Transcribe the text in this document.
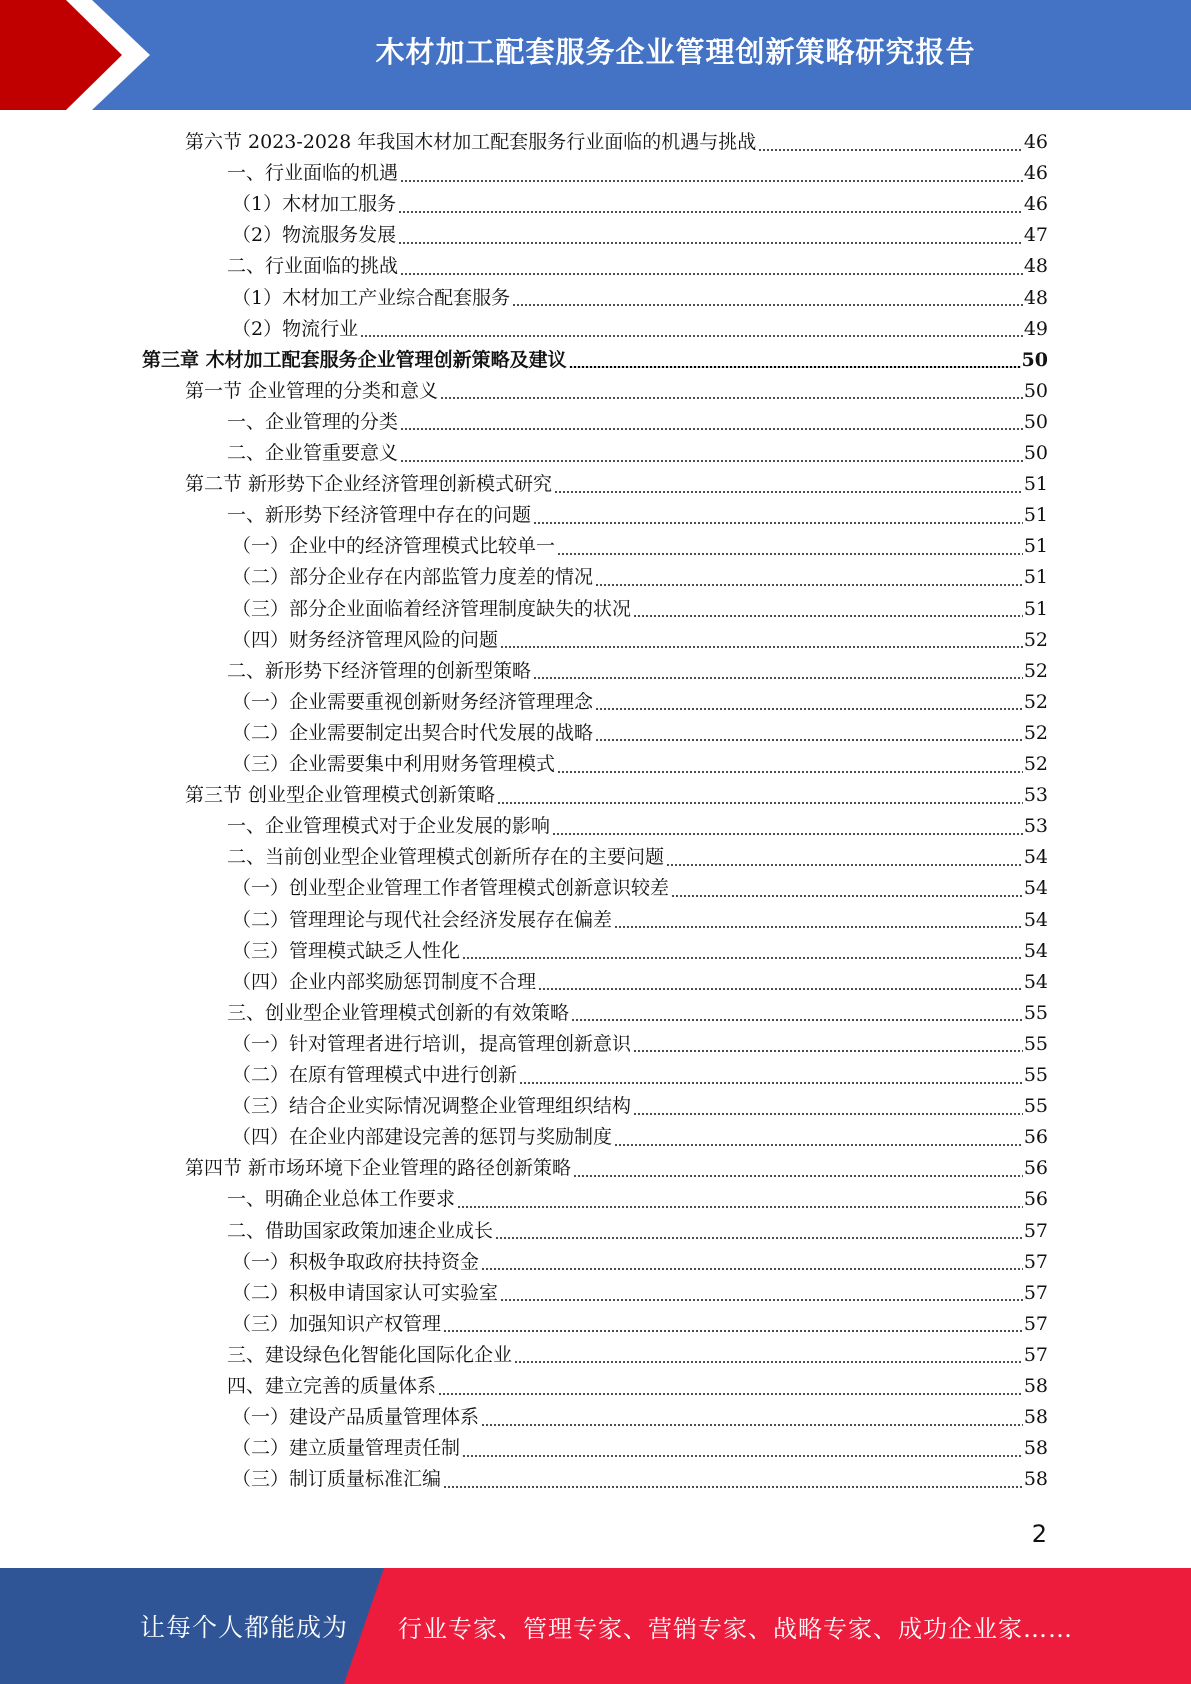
木材加工配套服务企业管理创新策略研究报告
第六节 2023-2028 年我国木材加工配套服务行业面临的机遇与挑战	46
一、行业面临的机遇	46
（1）木材加工服务	46
（2）物流服务发展	47
二、行业面临的挑战	48
（1）木材加工产业综合配套服务	48
（2）物流行业	49
第三章 木材加工配套服务企业管理创新策略及建议	50
第一节 企业管理的分类和意义	50
一、企业管理的分类	50
二、企业管重要意义	50
第二节 新形势下企业经济管理创新模式研究	51
一、新形势下经济管理中存在的问题	51
（一）企业中的经济管理模式比较单一	51
（二）部分企业存在内部监管力度差的情况	51
（三）部分企业面临着经济管理制度缺失的状况	51
（四）财务经济管理风险的问题	52
二、新形势下经济管理的创新型策略	52
（一）企业需要重视创新财务经济管理理念	52
（二）企业需要制定出契合时代发展的战略	52
（三）企业需要集中利用财务管理模式	52
第三节 创业型企业管理模式创新策略	53
一、企业管理模式对于企业发展的影响	53
二、当前创业型企业管理模式创新所存在的主要问题	54
（一）创业型企业管理工作者管理模式创新意识较差	54
（二）管理理论与现代社会经济发展存在偏差	54
（三）管理模式缺乏人性化	54
（四）企业内部奖励惩罚制度不合理	54
三、创业型企业管理模式创新的有效策略	55
（一）针对管理者进行培训，提高管理创新意识	55
（二）在原有管理模式中进行创新	55
（三）结合企业实际情况调整企业管理组织结构	55
（四）在企业内部建设完善的惩罚与奖励制度	56
第四节 新市场环境下企业管理的路径创新策略	56
一、明确企业总体工作要求	56
二、借助国家政策加速企业成长	57
（一）积极争取政府扶持资金	57
（二）积极申请国家认可实验室	57
（三）加强知识产权管理	57
三、建设绿色化智能化国际化企业	57
四、建立完善的质量体系	58
（一）建设产品质量管理体系	58
（二）建立质量管理责任制	58
（三）制订质量标准汇编	58
2
让每个人都能成为 行业专家、管理专家、营销专家、战略专家、成功企业家……
